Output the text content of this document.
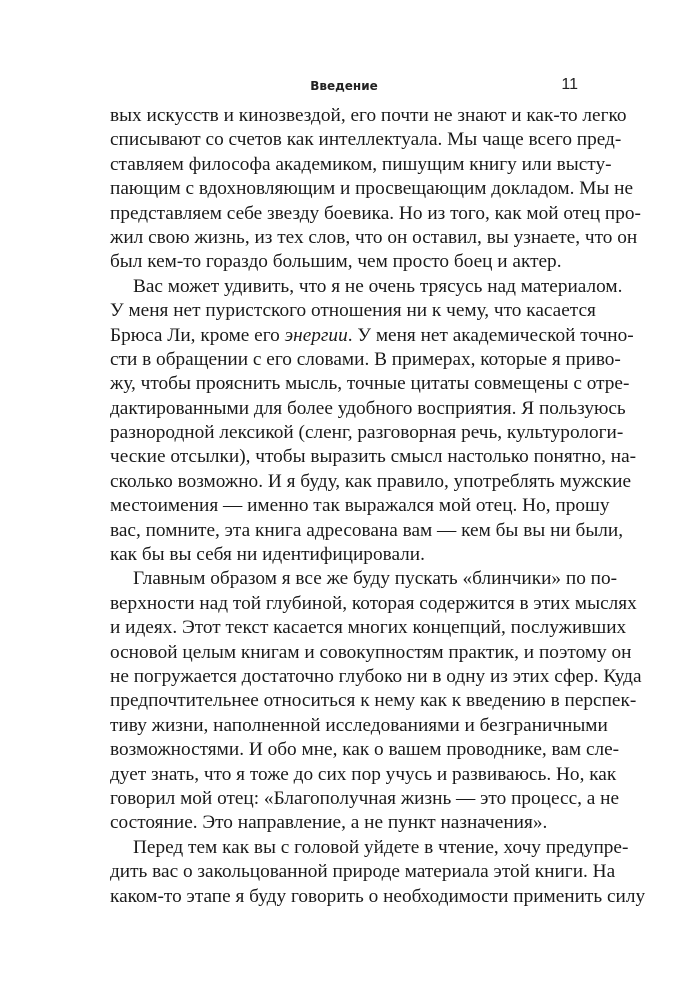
Введение	11
вых искусств и кинозвездой, его почти не знают и как-то легко
списывают со счетов как интеллектуала. Мы чаще всего пред-
ставляем философа академиком, пишущим книгу или высту-
пающим с вдохновляющим и просвещающим докладом. Мы не
представляем себе звезду боевика. Но из того, как мой отец про-
жил свою жизнь, из тех слов, что он оставил, вы узнаете, что он
был кем-то гораздо большим, чем просто боец и актер.
Вас может удивить, что я не очень трясусь над материалом.
У меня нет пуристского отношения ни к чему, что касается
Брюса Ли, кроме его энергии. У меня нет академической точно-
сти в обращении с его словами. В примерах, которые я приво-
жу, чтобы прояснить мысль, точные цитаты совмещены с отре-
дактированными для более удобного восприятия. Я пользуюсь
разнородной лексикой (сленг, разговорная речь, культурологи-
ческие отсылки), чтобы выразить смысл настолько понятно, на-
сколько возможно. И я буду, как правило, употреблять мужские
местоимения — именно так выражался мой отец. Но, прошу
вас, помните, эта книга адресована вам — кем бы вы ни были,
как бы вы себя ни идентифицировали.
Главным образом я все же буду пускать «блинчики» по по-
верхности над той глубиной, которая содержится в этих мыслях
и идеях. Этот текст касается многих концепций, послуживших
основой целым книгам и совокупностям практик, и поэтому он
не погружается достаточно глубоко ни в одну из этих сфер. Куда
предпочтительнее относиться к нему как к введению в перспек-
тиву жизни, наполненной исследованиями и безграничными
возможностями. И обо мне, как о вашем проводнике, вам сле-
дует знать, что я тоже до сих пор учусь и развиваюсь. Но, как
говорил мой отец: «Благополучная жизнь — это процесс, а не
состояние. Это направление, а не пункт назначения».
Перед тем как вы с головой уйдете в чтение, хочу предупре-
дить вас о закольцованной природе материала этой книги. На
каком-то этапе я буду говорить о необходимости применить силу
